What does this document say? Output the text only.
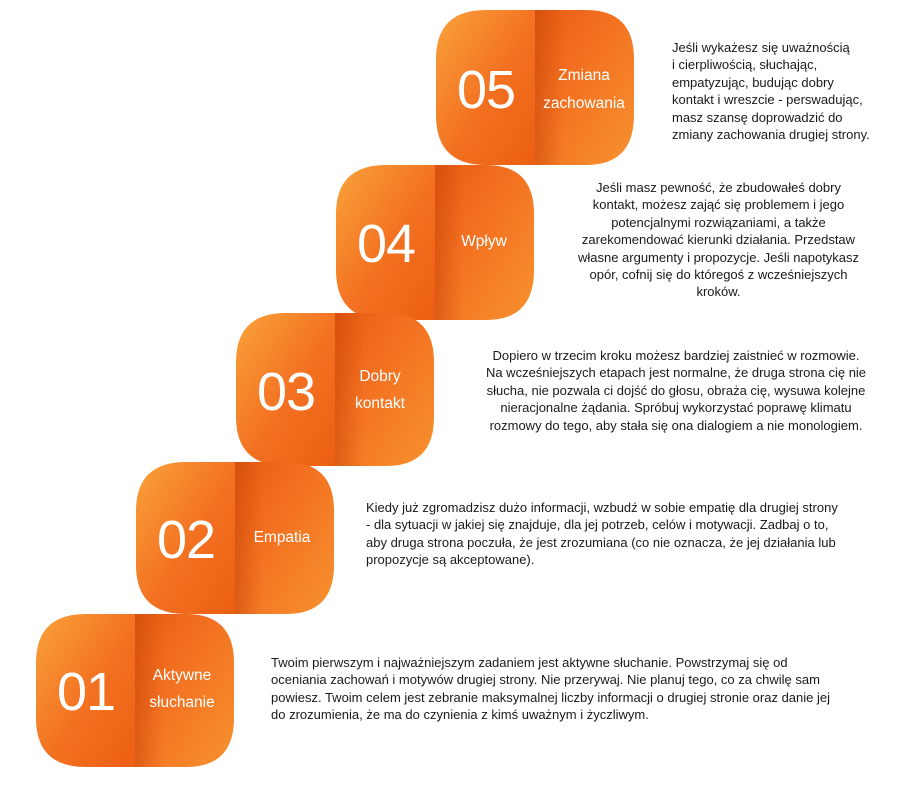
05	Zmiana
zachowania
04	Wpływ
03	Dobry
kontakt
02 Empatia
01 Aktywne
słuchanie

Jeśli wykażesz się uważnością
i cierpliwością, słuchając,
empatyzując, budując dobry
kontakt i wreszcie - perswadując,
masz szansę doprowadzić do
zmiany zachowania drugiej strony.

Jeśli masz pewność, że zbudowałeś dobry
kontakt, możesz zająć się problemem i jego
potencjalnymi rozwiązaniami, a także
zarekomendować kierunki działania. Przedstaw
własne argumenty i propozycje. Jeśli napotykasz
opór, cofnij się do któregoś z wcześniejszych
kroków.

Dopiero w trzecim kroku możesz bardziej zaistnieć w rozmowie.
Na wcześniejszych etapach jest normalne, że druga strona cię nie
słucha, nie pozwala ci dojść do głosu, obraża cię, wysuwa kolejne
nieracjonalne żądania. Spróbuj wykorzystać poprawę klimatu
rozmowy do tego, aby stała się ona dialogiem a nie monologiem.

Kiedy już zgromadzisz dużo informacji, wzbudź w sobie empatię dla drugiej strony
- dla sytuacji w jakiej się znajduje, dla jej potrzeb, celów i motywacji. Zadbaj o to,
aby druga strona poczuła, że jest zrozumiana (co nie oznacza, że jej działania lub
propozycje są akceptowane).

Twoim pierwszym i najważniejszym zadaniem jest aktywne słuchanie. Powstrzymaj się od
oceniania zachowań i motywów drugiej strony. Nie przerywaj. Nie planuj tego, co za chwilę sam
powiesz. Twoim celem jest zebranie maksymalnej liczby informacji o drugiej stronie oraz danie jej
do zrozumienia, że ma do czynienia z kimś uważnym i życzliwym.
